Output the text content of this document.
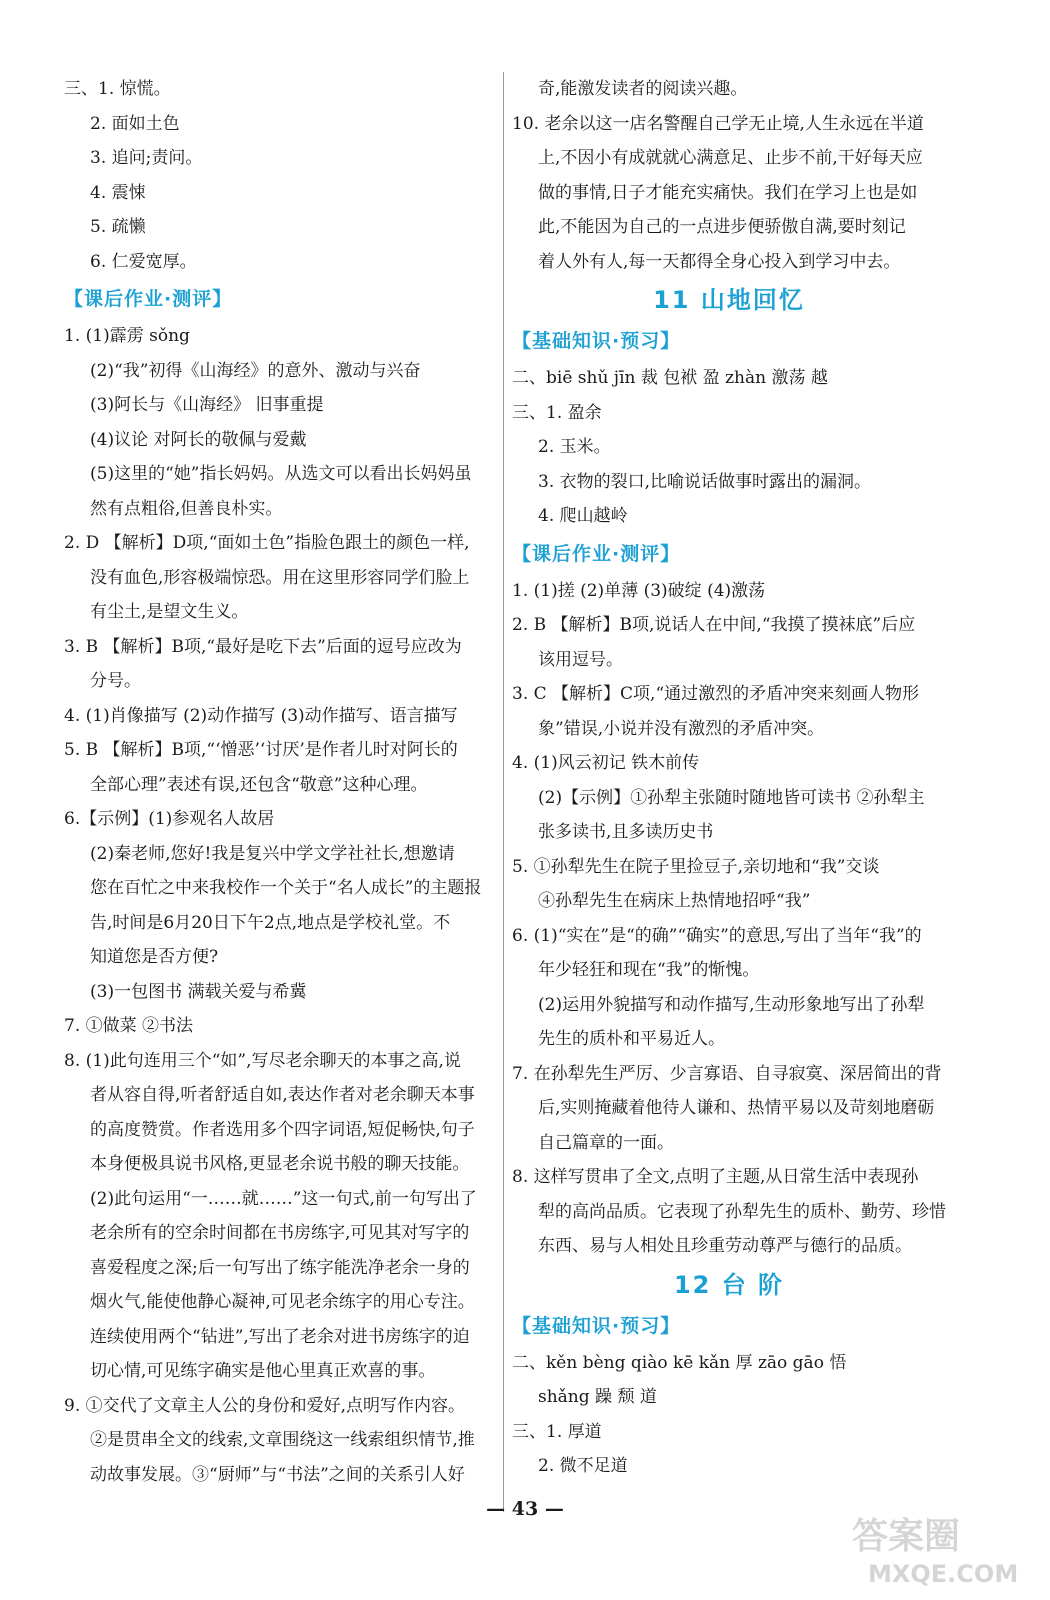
三、1. 惊慌。
2. 面如土色
3. 追问;责问。
4. 震悚
5. 疏懒
6. 仁爱宽厚。
【课后作业·测评】
1. (1)霹雳 sǒng
(2)“我”初得《山海经》的意外、激动与兴奋
(3)阿长与《山海经》 旧事重提
(4)议论 对阿长的敬佩与爱戴
(5)这里的“她”指长妈妈。从选文可以看出长妈妈虽
然有点粗俗,但善良朴实。
2. D 【解析】D项,“面如土色”指脸色跟土的颜色一样,
没有血色,形容极端惊恐。用在这里形容同学们脸上
有尘土,是望文生义。
3. B 【解析】B项,“最好是吃下去”后面的逗号应改为
分号。
4. (1)肖像描写 (2)动作描写 (3)动作描写、语言描写
5. B 【解析】B项,“‘憎恶’‘讨厌’是作者儿时对阿长的
全部心理”表述有误,还包含“敬意”这种心理。
6.【示例】(1)参观名人故居
(2)秦老师,您好!我是复兴中学文学社社长,想邀请
您在百忙之中来我校作一个关于“名人成长”的主题报
告,时间是6月20日下午2点,地点是学校礼堂。不
知道您是否方便?
(3)一包图书 满载关爱与希冀
7. ①做菜 ②书法
8. (1)此句连用三个“如”,写尽老余聊天的本事之高,说
者从容自得,听者舒适自如,表达作者对老余聊天本事
的高度赞赏。作者选用多个四字词语,短促畅快,句子
本身便极具说书风格,更显老余说书般的聊天技能。
(2)此句运用“一……就……”这一句式,前一句写出了
老余所有的空余时间都在书房练字,可见其对写字的
喜爱程度之深;后一句写出了练字能洗净老余一身的
烟火气,能使他静心凝神,可见老余练字的用心专注。
连续使用两个“钻进”,写出了老余对进书房练字的迫
切心情,可见练字确实是他心里真正欢喜的事。
9. ①交代了文章主人公的身份和爱好,点明写作内容。
②是贯串全文的线索,文章围绕这一线索组织情节,推
动故事发展。③“厨师”与“书法”之间的关系引人好
奇,能激发读者的阅读兴趣。
10. 老余以这一店名警醒自己学无止境,人生永远在半道
上,不因小有成就就心满意足、止步不前,干好每天应
做的事情,日子才能充实痛快。我们在学习上也是如
此,不能因为自己的一点进步便骄傲自满,要时刻记
着人外有人,每一天都得全身心投入到学习中去。
11 山地回忆
【基础知识·预习】
二、biē shǔ jīn 裁 包袱 盈 zhàn 激荡 越
三、1. 盈余
2. 玉米。
3. 衣物的裂口,比喻说话做事时露出的漏洞。
4. 爬山越岭
【课后作业·测评】
1. (1)搓 (2)单薄 (3)破绽 (4)激荡
2. B 【解析】B项,说话人在中间,“我摸了摸袜底”后应
该用逗号。
3. C 【解析】C项,“通过激烈的矛盾冲突来刻画人物形
象”错误,小说并没有激烈的矛盾冲突。
4. (1)风云初记 铁木前传
(2)【示例】①孙犁主张随时随地皆可读书 ②孙犁主
张多读书,且多读历史书
5. ①孙犁先生在院子里捡豆子,亲切地和“我”交谈
④孙犁先生在病床上热情地招呼“我”
6. (1)“实在”是“的确”“确实”的意思,写出了当年“我”的
年少轻狂和现在“我”的惭愧。
(2)运用外貌描写和动作描写,生动形象地写出了孙犁
先生的质朴和平易近人。
7. 在孙犁先生严厉、少言寡语、自寻寂寞、深居简出的背
后,实则掩藏着他待人谦和、热情平易以及苛刻地磨砺
自己篇章的一面。
8. 这样写贯串了全文,点明了主题,从日常生活中表现孙
犁的高尚品质。它表现了孙犁先生的质朴、勤劳、珍惜
东西、易与人相处且珍重劳动尊严与德行的品质。
12 台 阶
【基础知识·预习】
二、kěn bèng qiào kē kǎn 厚 zāo gāo 悟
shǎng 躁 颓 道
三、1. 厚道
2. 微不足道
— 43 —
答案圈
MXQE.COM
